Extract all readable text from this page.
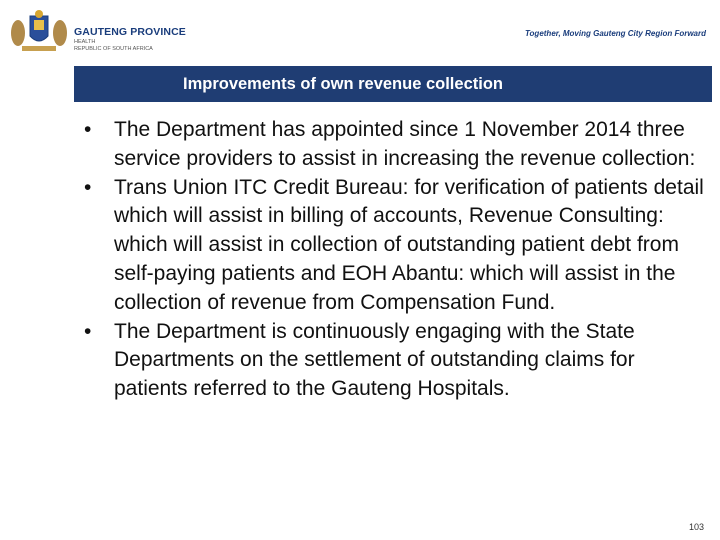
GAUTENG PROVINCE
HEALTH
REPUBLIC OF SOUTH AFRICA
Together, Moving Gauteng City Region Forward
Improvements of own revenue collection
•	The Department has appointed since 1 November 2014 three service providers to assist in increasing the revenue collection:
•	Trans Union ITC Credit Bureau: for verification of patients detail which will assist in billing of accounts, Revenue Consulting: which will assist in collection of outstanding patient debt from self-paying patients and EOH Abantu: which will assist in the collection of revenue from Compensation Fund.
•	The Department is continuously engaging with the State Departments on the settlement of outstanding claims for patients referred to the Gauteng Hospitals.
103
